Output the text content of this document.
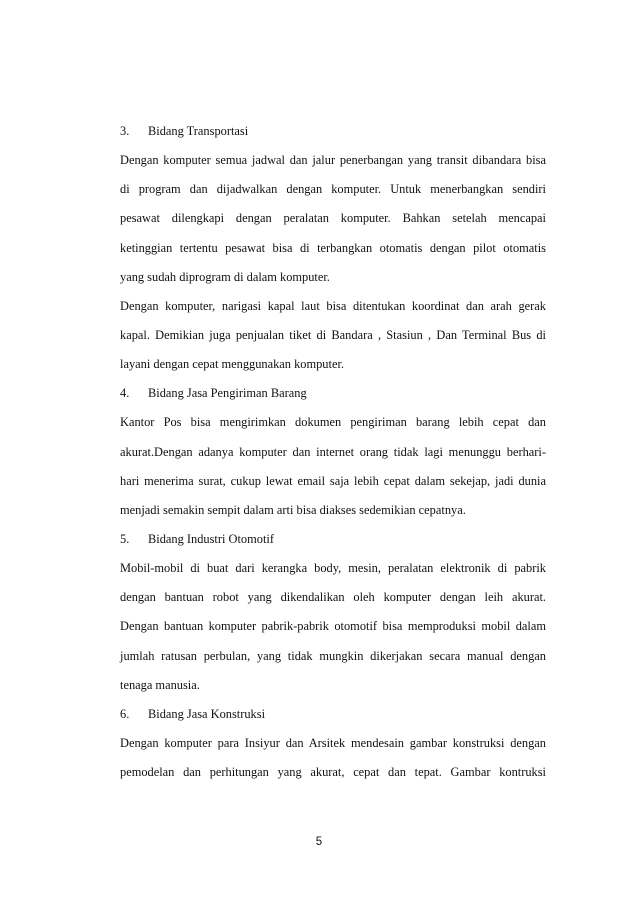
3. Bidang Transportasi
Dengan komputer semua jadwal dan jalur penerbangan yang transit dibandara bisa
di program dan dijadwalkan dengan komputer. Untuk menerbangkan sendiri
pesawat dilengkapi dengan peralatan komputer. Bahkan setelah mencapai
ketinggian tertentu pesawat bisa di terbangkan otomatis dengan pilot otomatis
yang sudah diprogram di dalam komputer.
Dengan komputer, narigasi kapal laut bisa ditentukan koordinat dan arah gerak
kapal. Demikian juga penjualan tiket di Bandara , Stasiun , Dan Terminal Bus di
layani dengan cepat menggunakan komputer.
4. Bidang Jasa Pengiriman Barang
Kantor Pos bisa mengirimkan dokumen pengiriman barang lebih cepat dan
akurat.Dengan adanya komputer dan internet orang tidak lagi menunggu berhari-
hari menerima surat, cukup lewat email saja lebih cepat dalam sekejap, jadi dunia
menjadi semakin sempit dalam arti bisa diakses sedemikian cepatnya.
5. Bidang Industri Otomotif
Mobil-mobil di buat dari kerangka body, mesin, peralatan elektronik di pabrik
dengan bantuan robot yang dikendalikan oleh komputer dengan leih akurat.
Dengan bantuan komputer pabrik-pabrik otomotif bisa memproduksi mobil dalam
jumlah ratusan perbulan, yang tidak mungkin dikerjakan secara manual dengan
tenaga manusia.
6. Bidang Jasa Konstruksi
Dengan komputer para Insiyur dan Arsitek mendesain gambar konstruksi dengan
pemodelan dan perhitungan yang akurat, cepat dan tepat. Gambar kontruksi
5
